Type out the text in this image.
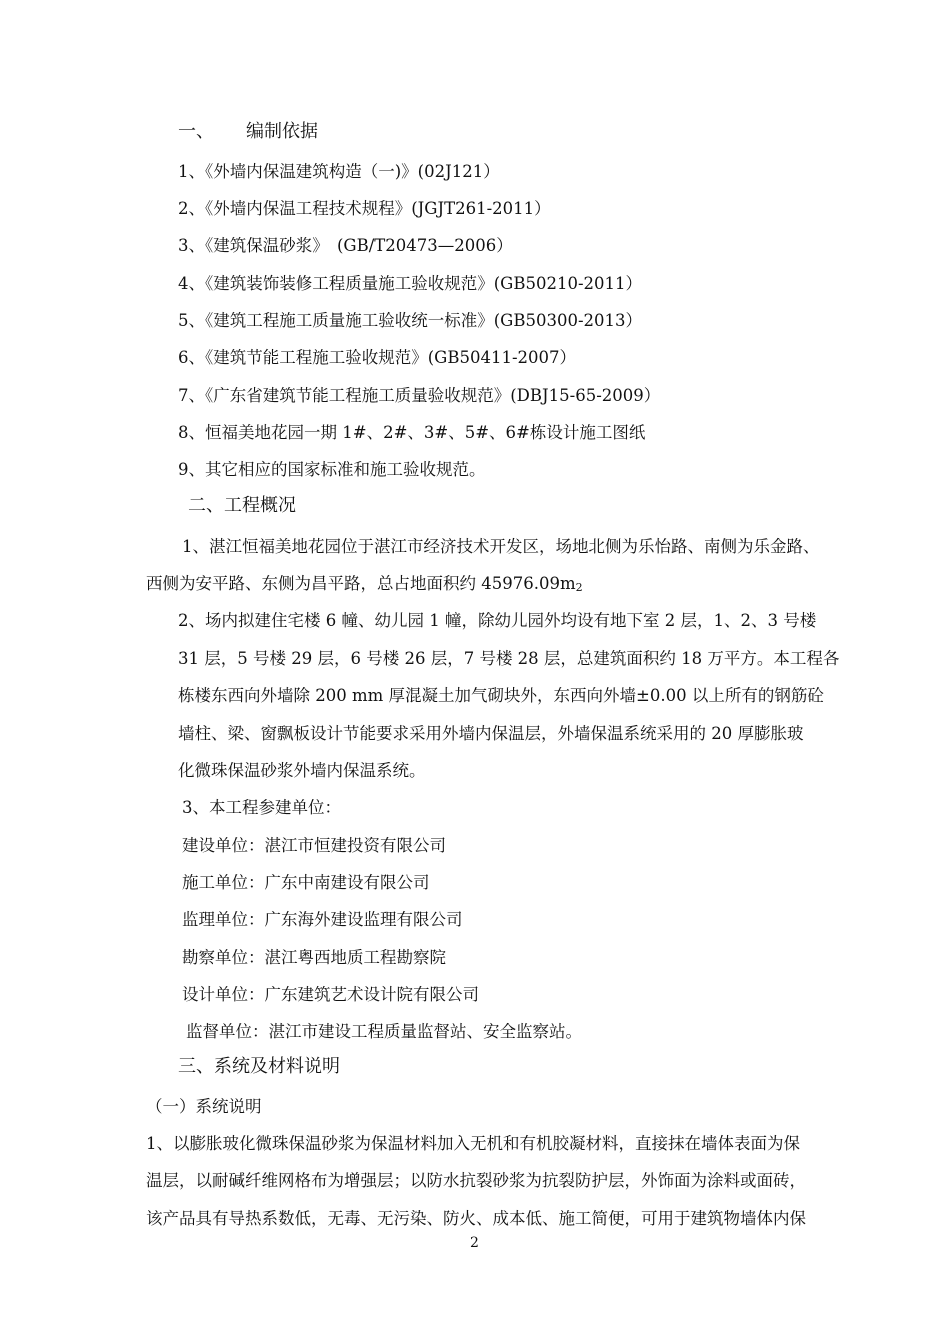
一、 编制依据
1、《外墙内保温建筑构造（一)》(02J121）
2、《外墙内保温工程技术规程》(JGJT261-2011）
3、《建筑保温砂浆》　(GB/T20473—2006）
4、《建筑装饰装修工程质量施工验收规范》(GB50210-2011）
5、《建筑工程施工质量施工验收统一标准》(GB50300-2013）
6、《建筑节能工程施工验收规范》(GB50411-2007）
7、《广东省建筑节能工程施工质量验收规范》(DBJ15-65-2009）
8、恒福美地花园一期 1#、2#、3#、5#、6#栋设计施工图纸
9、其它相应的国家标准和施工验收规范。
二、工程概况
1、湛江恒福美地花园位于湛江市经济技术开发区，场地北侧为乐怡路、南侧为乐金路、
西侧为安平路、东侧为昌平路，总占地面积约 $45976.09m_2$
2、场内拟建住宅楼 6 幢、幼儿园 1 幢，除幼儿园外均设有地下室 2 层，1、2、3 号楼
31 层，5 号楼 29 层，6 号楼 26 层，7 号楼 28 层，总建筑面积约 18 万平方。本工程各
栋楼东西向外墙除 200 mm 厚混凝土加气砌块外，东西向外墙±0.00 以上所有的钢筋砼
墙柱、梁、窗飘板设计节能要求采用外墙内保温层，外墙保温系统采用的 20 厚膨胀玻
化微珠保温砂浆外墙内保温系统。
3、本工程参建单位：
建设单位：湛江市恒建投资有限公司
施工单位：广东中南建设有限公司
监理单位：广东海外建设监理有限公司
勘察单位：湛江粤西地质工程勘察院
设计单位：广东建筑艺术设计院有限公司
监督单位：湛江市建设工程质量监督站、安全监察站。
三、系统及材料说明
（一）系统说明
1、以膨胀玻化微珠保温砂浆为保温材料加入无机和有机胶凝材料，直接抹在墙体表面为保
温层，以耐碱纤维网格布为增强层；以防水抗裂砂浆为抗裂防护层，外饰面为涂料或面砖，
该产品具有导热系数低，无毒、无污染、防火、成本低、施工简便，可用于建筑物墙体内保
2
